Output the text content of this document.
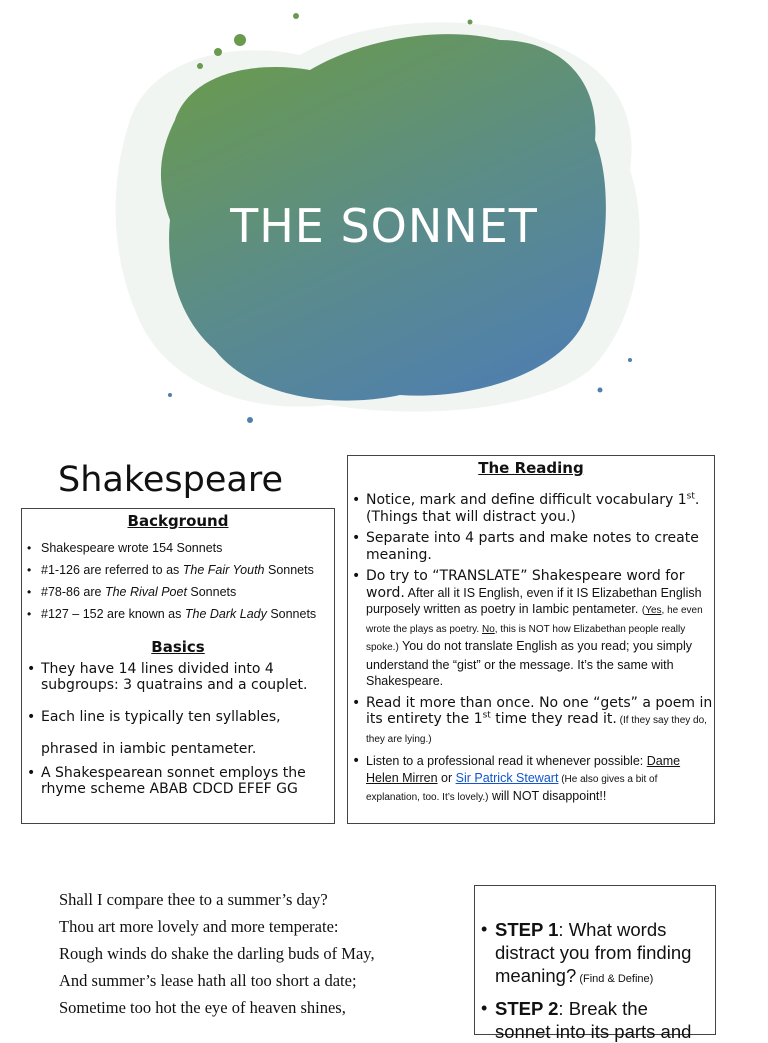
THE SONNET
Shakespeare
Background
• Shakespeare wrote 154 Sonnets
• #1-126 are referred to as The Fair Youth Sonnets
• #78-86 are The Rival Poet Sonnets
• #127 – 152 are known as The Dark Lady Sonnets
Basics
• They have 14 lines divided into 4 subgroups: 3 quatrains and a couplet.
• Each line is typically ten syllables, phrased in iambic pentameter.
• A Shakespearean sonnet employs the rhyme scheme ABAB CDCD EFEF GG
The Reading
• Notice, mark and define difficult vocabulary 1st. (Things that will distract you.)
• Separate into 4 parts and make notes to create meaning.
• Do try to “TRANSLATE” Shakespeare word for word. After all it IS English, even if it IS Elizabethan English purposely written as poetry in Iambic pentameter. (Yes, he even wrote the plays as poetry. No, this is NOT how Elizabethan people really spoke.) You do not translate English as you read; you simply understand the “gist” or the message. It’s the same with Shakespeare.
• Read it more than once. No one “gets” a poem in its entirety the 1st time they read it. (If they say they do, they are lying.)
• Listen to a professional read it whenever possible: Dame Helen Mirren or Sir Patrick Stewart (He also gives a bit of explanation, too. It’s lovely.) will NOT disappoint!!
Shall I compare thee to a summer’s day?
Thou art more lovely and more temperate:
Rough winds do shake the darling buds of May,
And summer’s lease hath all too short a date;
Sometime too hot the eye of heaven shines,
• STEP 1: What words distract you from finding meaning? (Find & Define)
• STEP 2: Break the sonnet into its parts and
